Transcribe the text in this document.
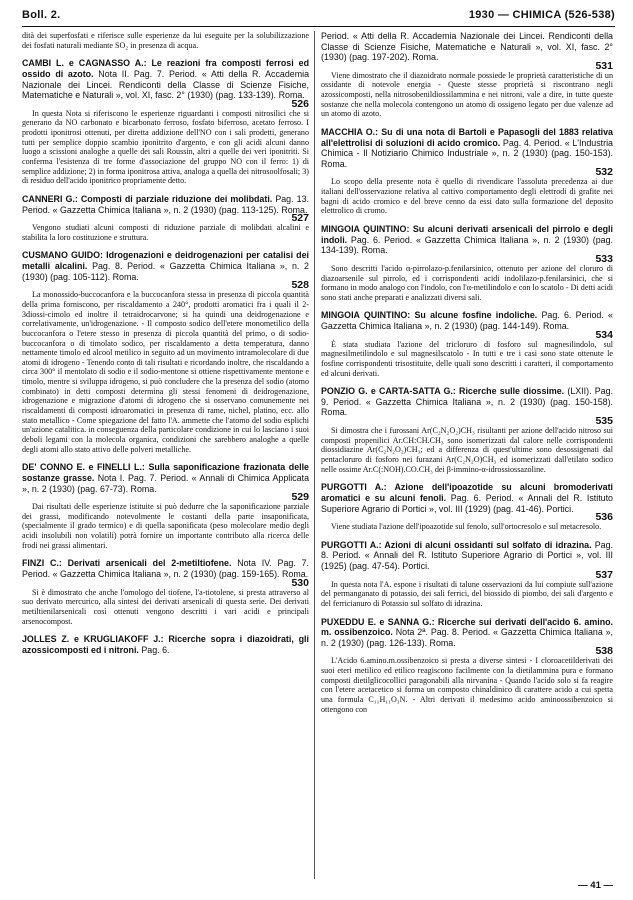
Boll. 2.	1930 — CHIMICA (526-538)

dità dei superfosfati e riferisce sulle esperienze da lui eseguite per la solubilizzazione dei fosfati naturali mediante SO₂ in presenza di acqua.

CAMBI L. e CAGNASSO A.: Le reazioni fra composti ferrosi ed ossido di azoto. Nota II. Pag. 7. Period. « Atti della R. Accademia Nazionale dei Lincei. Rendiconti della Classe di Scienze Fisiche, Matematiche e Naturali », vol. XI, fasc. 2° (1930) (pag. 133-139). Roma.
526

In questa Nota si riferiscono le esperienze riguardanti i composti nitrosilici che si generano da NO carbonato e bicarbonato ferroso, fosfato biferroso, acetato ferroso. I prodotti iponitrosi ottenuti, per diretta addizione dell'NO con i sali prodetti, generano tutti per semplice doppio scambio iponitrito d'argento, e con gli acidi alcuni danno luogo a scissioni analoghe a quelle dei sali Roussin, altri a quelle dei veri iponitriti. Si conferma l'esistenza di tre forme d'associazione del gruppo NO con il ferro: 1) di semplice addizione; 2) in forma iponitrosa attiva, analoga a quella dei nitrosoolfosali; 3) di residuo dell'acido iponitrico propriamente detto.

CANNERI G.: Composti di parziale riduzione dei molibdati. Pag. 13. Period. « Gazzetta Chimica Italiana », n. 2 (1930) (pag. 113-125). Roma.
527

Vengono studiati alcuni composti di riduzione parziale di molibdati alcalini e stabilita la loro costituzione e struttura.

CUSMANO GUIDO: Idrogenazioni e deidrogenazioni per catalisi dei metalli alcalini. Pag. 8. Period. « Gazzetta Chimica Italiana », n. 2 (1930) (pag. 105-112). Roma.
528

La monossido-buccocanfora e la buccocanfora stessa in presenza di piccola quantità della prima forniscono, per riscaldamento a 240°, prodotti aromatici fra i quali il 2-3diossi-cimolo ed inoltre il tetraidrocarvone; si ha quindi una deidrogenazione e correlativamente, un'idrogenazione. - Il composto sodico dell'etere monometilico della buccocanfora o l'etere stesso in presenza di piccola quantità del primo, o di sodio-buccocanfora o di timolato sodico, per riscaldamento a detta temperatura, danno nettamente timolo ed alcool metilico in seguito ad un movimento intramolecolare di due atomi di idrogeno - Tenendo conto di tali risultati e ricordando inoltre, che riscaldando a circa 300° il mentolato di sodio e il sodio-mentone si ottiene rispettivamente mentone e timolo, mentre si sviluppa idrogeno, si può concludere che la presenza del sodio (atomo combinato) in detti composti determina gli stessi fenomeni di deidrogenazione, idrogenazione e migrazione d'atomi di idrogeno che si osservano comunemente nei riscaldamenti di composti idroaromatici in presenza di rame, nichel, platino, ecc. allo stato metallico - Come spiegazione del fatto l'A. ammette che l'atomo del sodio esplichi un'azione catalitica. in conseguenza della particolare condizione in cui lo lasciano i suoi deboli legami con la molecola organica, condizioni che sarebbero analoghe a quelle degli atomi allo stato attivo delle polveri metalliche.

DE' CONNO E. e FINELLI L.: Sulla saponificazione frazionata delle sostanze grasse. Nota I. Pag. 7. Period. « Annali di Chimica Applicata », n. 2 (1930) (pag. 67-73). Roma.
529

Dai risultati delle esperienze istituite si può dedurre che la saponificazione parziale dei grassi, modificando notevolmente le costanti della parte insaponificata, (specialmente il grado termico) e di quella saponificata (peso molecolare medio degli acidi insolubili non volatili) potrà fornire un importante contributo alla ricerca delle frodi nei grassi alimentari.

FINZI C.: Derivati arsenicali del 2-metiltiofene. Nota IV. Pag. 7. Period. « Gazzetta Chimica Italiana », n. 2 (1930) (pag. 159-165). Roma.
530

Si è dimostrato che anche l'omologo del tiofene, l'a-tiotolene, si presta attraverso al suo derivato mercurico, alla sintesi dei derivati arsenicali di questa serie. Dei derivati metiltienilarsenicali così ottenuti vengono descritti i vari acidi e principali arsenocompost.

JOLLES Z. e KRUGLIAKOFF J.: Ricerche sopra i diazoidrati, gli azossicomposti ed i nitroni. Pag. 6.
Period. « Atti della R. Accademia Nazionale dei Lincei. Rendiconti della Classe di Scienze Fisiche, Matematiche e Naturali », vol. XI, fasc. 2° (1930) (pag. 197-202). Roma.
531

Viene dimostrato che il diazoidrato normale possiede le proprietà caratteristiche di un ossidante di notevole energia - Queste stesse proprietà si riscontrano negli azossicomposti, nella nitrosobenildiossilammina e nei nitroni, vale a dire, in tutte queste sostanze che nella molecola contengono un atomo di ossigeno legato per due valenze ad un atomo di azoto.

MACCHIA O.: Su di una nota di Bartoli e Papasogli del 1883 relativa all'elettrolisi di soluzioni di acido cromico. Pag. 4. Period. « L'Industria Chimica - Il Notiziario Chimico Industriale », n. 2 (1930) (pag. 150-153). Roma.
532

Lo scopo della presente nota è quello di rivendicare l'assoluta precedenza ai due italiani dell'osservazione relativa al cattivo comportamento degli elettrodi di grafite nei bagni di acido cromico e del breve cenno da essi dato sulla formazione del deposito elettrolico di cromo.

MINGOIA QUINTINO: Su alcuni derivati arsenicali del pirrolo e degli indoli. Pag. 6. Period. « Gazzetta Chimica Italiana », n. 2 (1930) (pag. 134-139). Roma.
533

Sono descritti l'acido α-pirrolazo-p.fenilarsinico, ottenuto per azione del cloruro di diazoarsenile sul pirrolo, ed i corrispondenti acidi indolilazo-p.fenilarsinici, che si formano in modo analogo con l'indolo, con l'α-metilindolo e con lo scatolo - Di detti acidi sono stati anche preparati e analizzati diversi sali.

MINGOIA QUINTINO: Su alcune fosfine indoliche. Pag. 6. Period. « Gazzetta Chimica Italiana », n. 2 (1930) (pag. 144-149). Roma.
534

È stata studiata l'azione del tricloruro di fosforo sul magnesilindolo, sul magnesilmetilindolo e sul magnesilscatolo - In tutti e tre i casi sono state ottenute le fosfine corrispondenti trisostituite, delle quali sono descritti i caratteri, il comportamento ed alcuni derivati.

PONZIO G. e CARTA-SATTA G.: Ricerche sulle diossime. (LXII). Pag. 9. Period. « Gazzetta Chimica Italiana », n. 2 (1930) (pag. 150-158). Roma.
535

Si dimostra che i furossani Ar(C₂N₂O₂)CH₃ risultanti per azione dell'acido nitroso sui composti propenilici Ar.CH:CH.CH₃ sono isomerizzati dal calore nelle corrispondenti diossidiazine Ar(C₂N₂O₂)CH₃; ed a differenza di quest'ultime sono desossigenati dal pentacloruro di fosforo nei furazani Ar(C₂N₂O)CH₃ ed isomerizzati dall'etilato sodico nelle ossime Ar.C(:NOH).CO.CH₃ dei β-immino-α-idrossiossazoline.

PURGOTTI A.: Azione dell'ipoazotide su alcuni bromoderivati aromatici e su alcuni fenoli. Pag. 6. Period. « Annali del R. Istituto Superiore Agrario di Portici », vol. III (1929) (pag. 41-46). Portici.
536

Viene studiata l'azione dell'ipoazotide sul fenolo, sull'ortocresolo e sul metacresolo.

PURGOTTI A.: Azioni di alcuni ossidanti sul solfato di idrazina. Pag. 8. Period. « Annali del R. Istituto Superiore Agrario di Portici », vol. III (1925) (pag. 47-54). Portici.
537

In questa nota l'A. espone i risultati di talune osservazioni da lui compiute sull'azione del permanganato di potassio, dei sali ferrici, del biossido di piombo, dei sali d'argento e del ferricianuro di Potassio sul solfato di idrazina.

PUXEDDU E. e SANNA G.: Ricerche sui derivati dell'acido 6. amino. m. ossibenzoico. Nota 2ª. Pag. 8. Period. « Gazzetta Chimica Italiana », n. 2 (1930) (pag. 126-133). Roma.
538

L'Acido 6.amino.m.ossibenzoico si presta a diverse sintesi - I cloroacetilderivati dei suoi eteri metilico ed etilico reagiscono facilmente con la dietilammina pura e formano composti dietilglicocollici paragonabili alla nirvanina - Quando l'acido solo si fa reagire con l'etere acetacetico si forma un composto chinaldinico di carattere acido a cui spetta una formula C₁₁H₁₁O₃N. - Altri derivati il medesimo acido aminoossibenzoico si ottengono con

— 41 —
